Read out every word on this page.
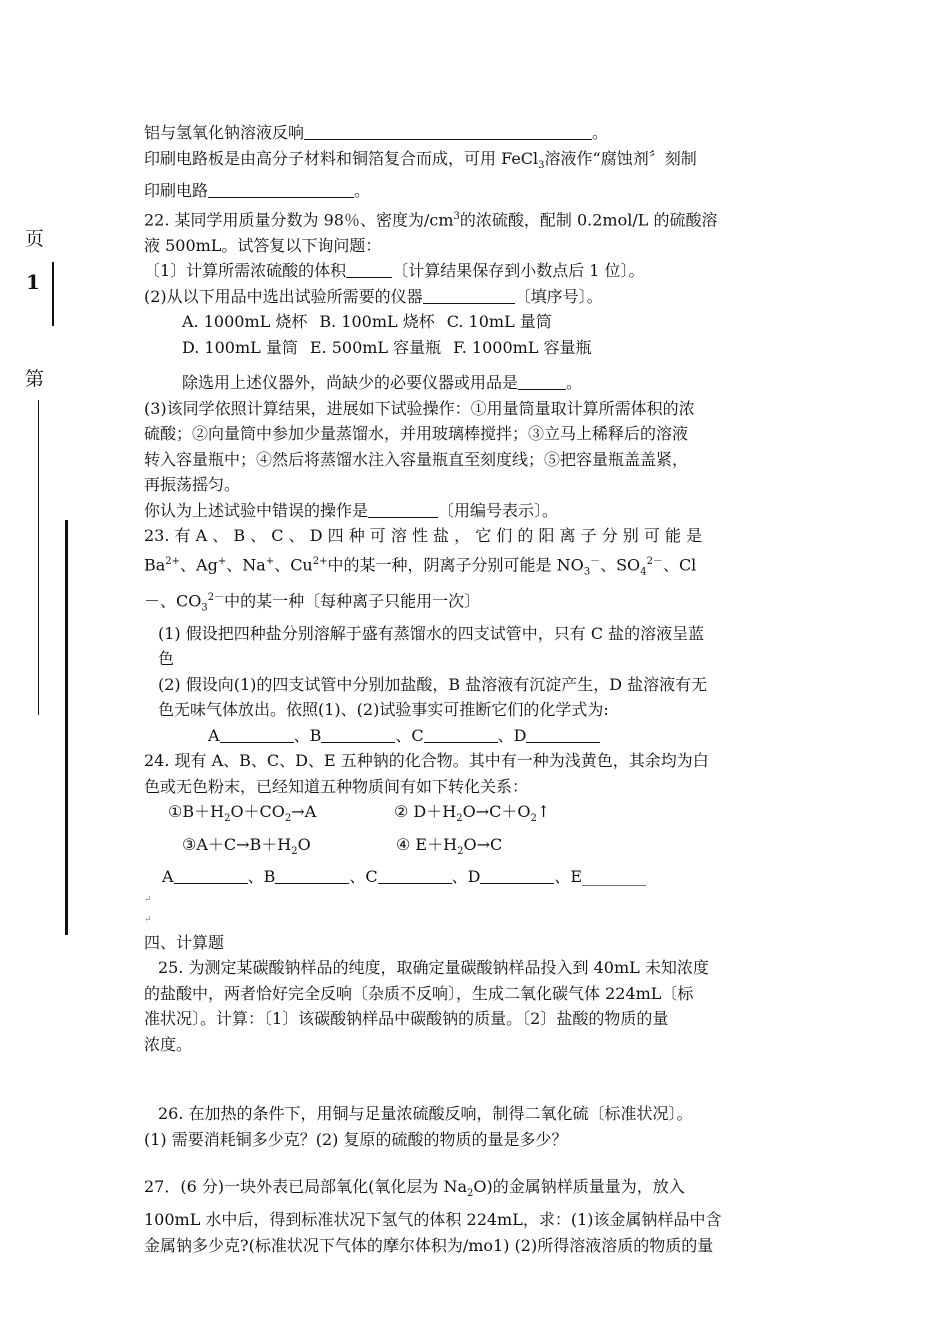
页
1
第

铝与氢氧化钠溶液反响	。

印刷电路板是由高分子材料和铜箔复合而成，可用 FeCl$_3$溶液作“腐蚀剂〞刻制

印刷电路	。

22. 某同学用质量分数为 98％、密度为$/cm^3$的浓硫酸，配制 0.2mol/L 的硫酸溶

液 500mL。试答复以下询问题：

〔1〕计算所需浓硫酸的体积	〔计算结果保存到小数点后 1 位〕。

(2)从以下用品中选出试验所需要的仪器	〔填序号〕。

A. 1000mL 烧杯 B. 100mL 烧杯 C. 10mL 量筒

D. 100mL 量筒 E. 500mL 容量瓶 F. 1000mL 容量瓶

除选用上述仪器外，尚缺少的必要仪器或用品是	。

(3)该同学依照计算结果，进展如下试验操作：①用量筒量取计算所需体积的浓

硫酸；②向量筒中参加少量蒸馏水，并用玻璃棒搅拌；③立马上稀释后的溶液

转入容量瓶中；④然后将蒸馏水注入容量瓶直至刻度线；⑤把容量瓶盖盖紧，

再振荡摇匀。

你认为上述试验中错误的操作是	〔用编号表示〕。

23. 有 A 、 B 、 C 、 D 四 种 可 溶 性 盐 ， 它 们 的 阳 离 子 分 别 可 能 是

$Ba^{2+}$、Ag+、Na+、$Cu^{2+}$中的某一种，阴离子分别可能是 $NO_3^-$、$SO_4^{2-}$、Cl

－、$CO_3^{2-}$中的某一种〔每种离子只能用一次〕

(1) 假设把四种盐分别溶解于盛有蒸馏水的四支试管中，只有 C 盐的溶液呈蓝

色

(2) 假设向(1)的四支试管中分别加盐酸，B 盐溶液有沉淀产生，D 盐溶液有无

色无味气体放出。依照(1)、(2)试验事实可推断它们的化学式为:

A	、B	、C	、D

24. 现有 A、B、C、D、E 五种钠的化合物。其中有一种为浅黄色，其余均为白

色或无色粉末，已经知道五种物质间有如下转化关系：

$①B+H_2O+CO_2\to A$	② $D+H_2O\to C+O_2↑$

$③A+C\to B+H_2O$	④ $E+H_2O\to C$

A	、B	、C	、D	、E________

↵
↵

四、计算题

25. 为测定某碳酸钠样品的纯度，取确定量碳酸钠样品投入到 40mL 未知浓度

的盐酸中，两者恰好完全反响〔杂质不反响〕，生成二氧化碳气体 224mL〔标

准状况〕。计算：〔1〕该碳酸钠样品中碳酸钠的质量。〔2〕盐酸的物质的量

浓度。

26. 在加热的条件下，用铜与足量浓硫酸反响，制得二氧化硫〔标准状况〕。

(1) 需要消耗铜多少克？(2) 复原的硫酸的物质的量是多少？

27．(6 分)一块外表已局部氧化(氧化层为 $Na_2O$)的金属钠样质量量为，放入

100mL 水中后，得到标准状况下氢气的体积 224mL，求：(1)该金属钠样品中含

金属钠多少克?(标准状况下气体的摩尔体积为/mo1) (2)所得溶液溶质的物质的量
